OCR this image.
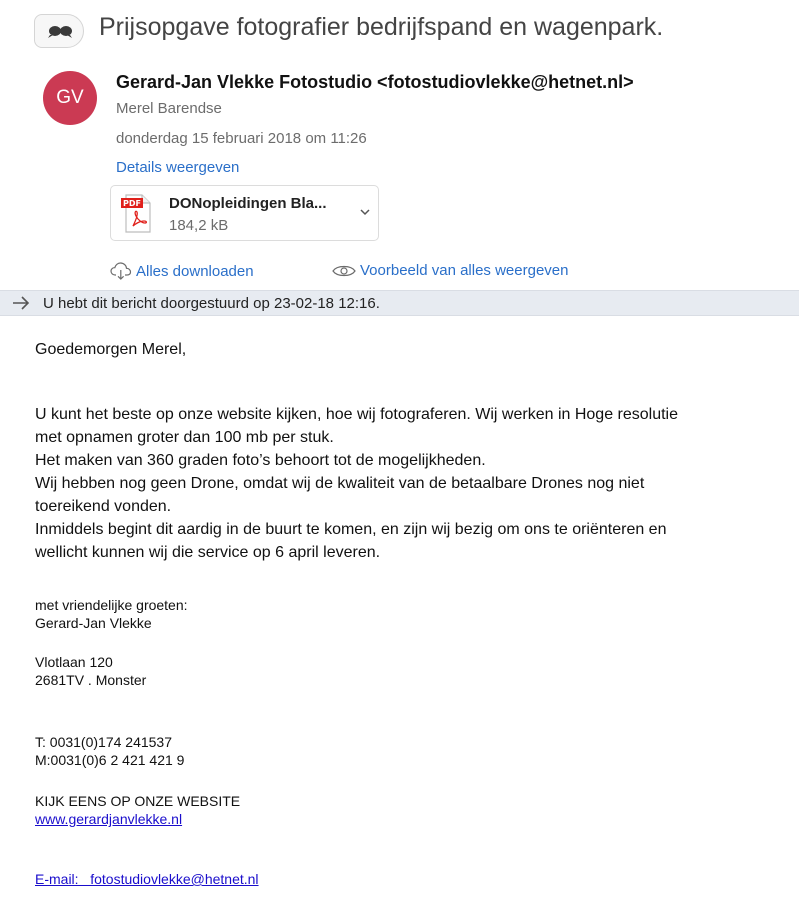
Prijsopgave fotografier bedrijfspand en wagenpark.
GV
Gerard-Jan Vlekke Fotostudio <fotostudiovlekke@hetnet.nl>
Merel Barendse
donderdag 15 februari 2018 om 11:26
Details weergeven
PDF DONopleidingen Bla...
184,2 kB
Alles downloaden	Voorbeeld van alles weergeven
U hebt dit bericht doorgestuurd op 23-02-18 12:16.
Goedemorgen Merel,
U kunt het beste op onze website kijken, hoe wij fotograferen. Wij werken in Hoge resolutie
met opnamen groter dan 100 mb per stuk.
Het maken van 360 graden foto’s behoort tot de mogelijkheden.
Wij hebben nog geen Drone, omdat wij de kwaliteit van de betaalbare Drones nog niet
toereikend vonden.
Inmiddels begint dit aardig in de buurt te komen, en zijn wij bezig om ons te oriënteren en
wellicht kunnen wij die service op 6 april leveren.
met vriendelijke groeten:
Gerard-Jan Vlekke
Vlotlaan 120
2681TV . Monster
T: 0031(0)174 241537
M:0031(0)6 2 421 421 9
KIJK EENS OP ONZE WEBSITE
www.gerardjanvlekke.nl
E-mail:   fotostudiovlekke@hetnet.nl
